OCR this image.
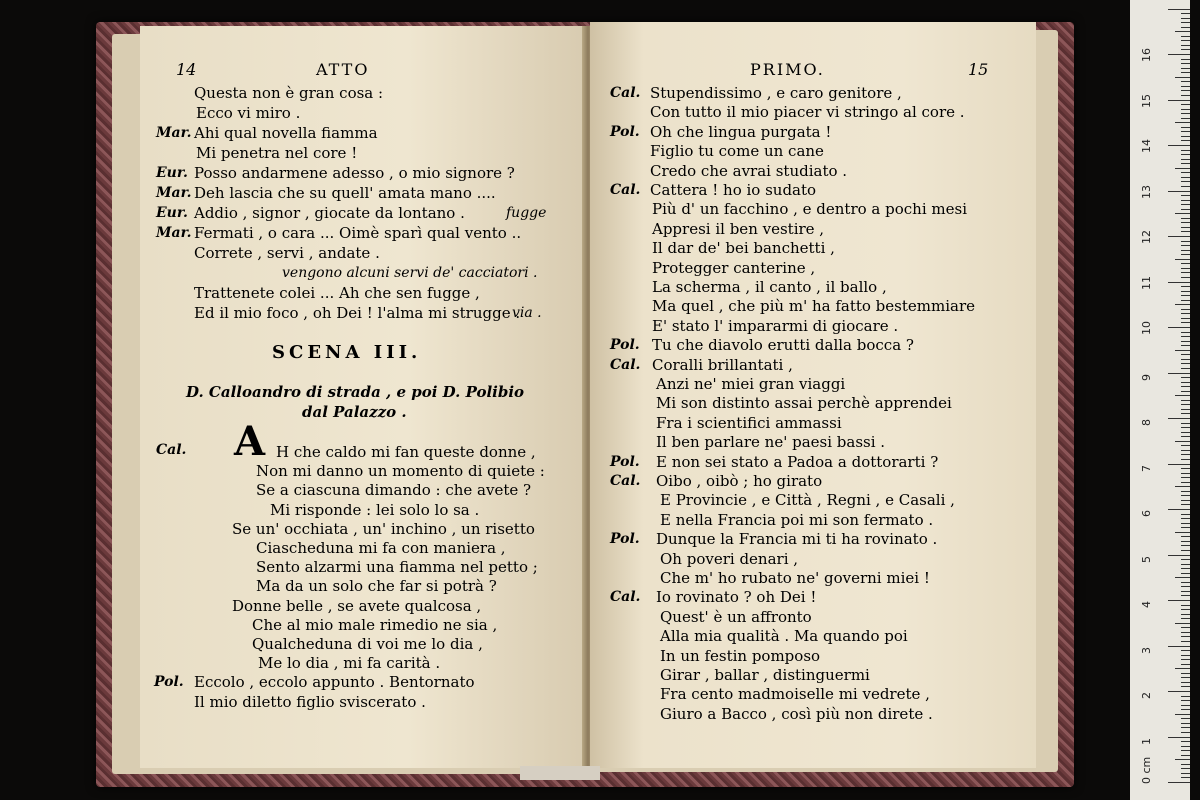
14	ATTO
Questa non è gran cosa :
Ecco vi miro .
Mar. Ahi qual novella fiamma
Mi penetra nel core !
Eur. Posso andarmene adesso , o mio signore ?
Mar. Deh lascia che su quell' amata mano ....
Eur. Addio , signor , giocate da lontano .	fugge
Mar. Fermati , o cara ... Oimè sparì qual vento ..
Correte , servi , andate .
vengono alcuni servi de' cacciatori .
Trattenete colei ... Ah che sen fugge ,
Ed il mio foco , oh Dei ! l'alma mi strugge .
via .
SCENA III.
D. Calloandro di strada , e poi D. Polibio
dal Palazzo .
Cal. A H che caldo mi fan queste donne ,
Non mi danno un momento di quiete :
Se a ciascuna dimando : che avete ?
Mi risponde : lei solo lo sa .
Se un' occhiata , un' inchino , un risetto
Ciascheduna mi fa con maniera ,
Sento alzarmi una fiamma nel petto ;
Ma da un solo che far si potrà ?
Donne belle , se avete qualcosa ,
Che al mio male rimedio ne sia ,
Qualcheduna di voi me lo dia ,
Me lo dia , mi fa carità .
Pol. Eccolo , eccolo appunto . Bentornato
Il mio diletto figlio svisceratо .
PRIMO.	15
Cal. Stupendissimo , e caro genitore ,
Con tutto il mio piacer vi stringo al core .
Pol. Oh che lingua purgata !
Figlio tu come un cane
Credo che avrai studiato .
Cal. Cattera ! ho io sudato
Più d' un facchino , e dentro a pochi mesi
Appresi il ben vestire ,
Il dar de' bei banchetti ,
Protegger canterine ,
La scherma , il canto , il ballo ,
Ma quel , che più m' ha fatto bestemmiare
E' stato l' impararmi di giocare .
Pol. Tu che diavolo erutti dalla bocca ?
Cal. Coralli brillantati ,
Anzi ne' miei gran viaggi
Mi son distinto assai perchè apprendei
Fra i scientifici ammassi
Il ben parlare ne' paesi bassi .
Pol. E non sei stato a Padoa a dottorarti ?
Cal. Oibo , oibò ; ho girato
E Provincie , e Città , Regni , e Casali ,
E nella Francia poi mi son fermato .
Pol. Dunque la Francia mi ti ha rovinato .
Oh poveri denari ,
Che m' ho rubato ne' governi miei !
Cal. Io rovinato ? oh Dei !
Quest' è un affronto
Alla mia qualità . Ma quando poi
In un festin pomposo
Girar , ballar , distinguermi
Fra cento madmoiselle mi vedrete ,
Giuro a Bacco , così più non direte .
0 cm
1
2
3
4
5
6
7
8
9
10
11
12
13
14
15
16
